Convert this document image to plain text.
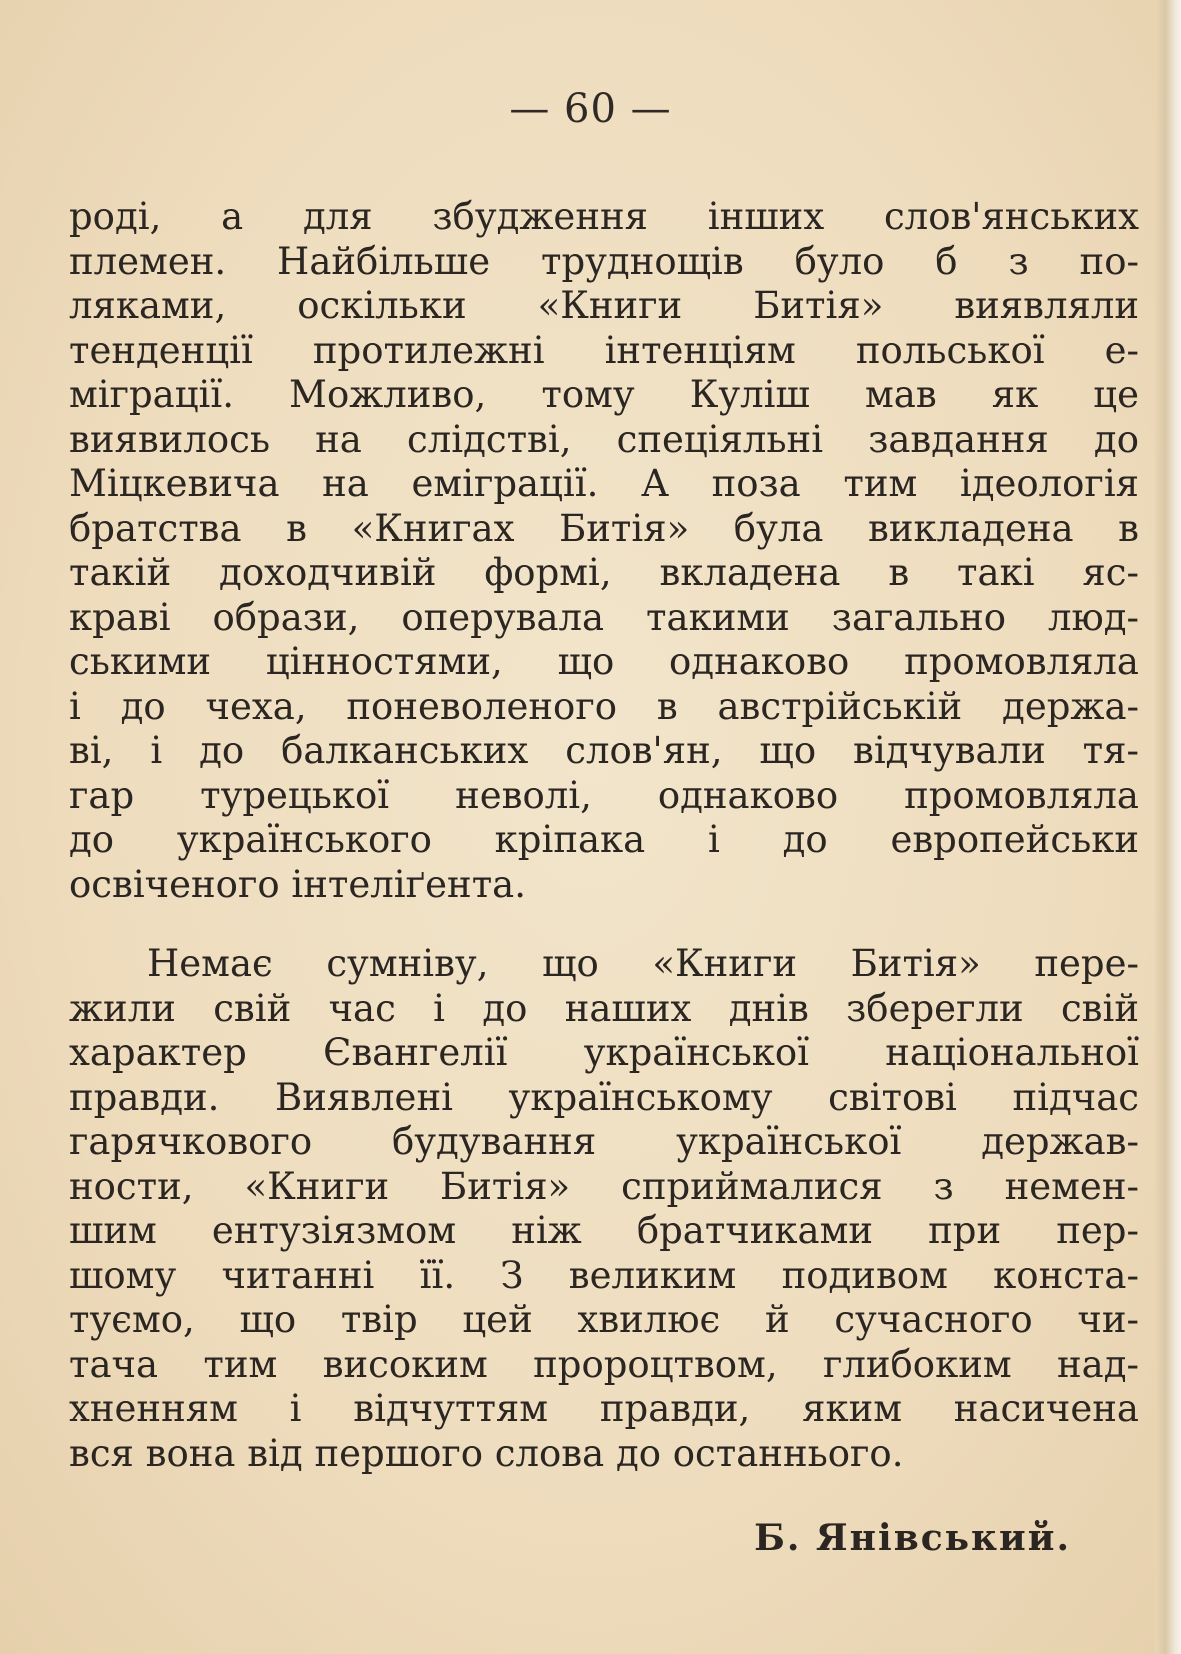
— 60 —
роді, а для збудження інших слов'янських
племен. Найбільше труднощів було б з по-
ляками, оскільки «Книги Битія» виявляли
тенденції протилежні інтенціям польської е-
міграції. Можливо, тому Куліш мав як це
виявилось на слідстві, спеціяльні завдання до
Міцкевича на еміграції. А поза тим ідеологія
братства в «Книгах Битія» була викладена в
такій доходчивій формі, вкладена в такі яс-
краві образи, оперувала такими загально люд-
ськими цінностями, що однаково промовляла
і до чеха, поневоленого в австрійській держа-
ві, і до балканських слов'ян, що відчували тя-
гар турецької неволі, однаково промовляла
до українського кріпака і до европейськи
освіченого інтеліґента.
Немає сумніву, що «Книги Битія» пере-
жили свій час і до наших днів зберегли свій
характер Євангелії української національної
правди. Виявлені українському світові підчас
гарячкового будування української держав-
ности, «Книги Битія» сприймалися з немен-
шим ентузіязмом ніж братчиками при пер-
шому читанні її. З великим подивом конста-
туємо, що твір цей хвилює й сучасного чи-
тача тим високим пророцтвом, глибоким над-
хненням і відчуттям правди, яким насичена
вся вона від першого слова до останнього.
Б. Янівський.
